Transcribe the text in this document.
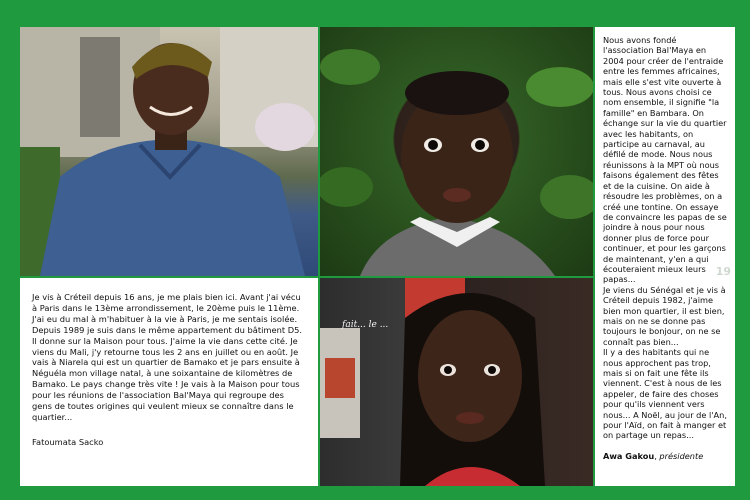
fait... le ...

Je vis à Créteil depuis 16 ans, je me plais bien ici. Avant j'ai vécu à Paris dans le 13ème arrondissement, le 20ème puis le 11ème. J'ai eu du mal à m'habituer à la vie à Paris, je me sentais isolée. Depuis 1989 je suis dans le même appartement du bâtiment D5. Il donne sur la Maison pour tous. J'aime la vie dans cette cité. Je viens du Mali, j'y retourne tous les 2 ans en juillet ou en août. Je vais à Niarela qui est un quartier de Bamako et je pars ensuite à Néguéla mon village natal, à une soixantaine de kilomètres de Bamako. Le pays change très vite ! Je vais à la Maison pour tous pour les réunions de l'association Bal'Maya qui regroupe des gens de toutes origines qui veulent mieux se connaître dans le quartier...

Fatoumata Sacko

Nous avons fondé l'association Bal'Maya en 2004 pour créer de l'entraide entre les femmes africaines, mais elle s'est vite ouverte à tous. Nous avons choisi ce nom ensemble, il signifie "la famille" en Bambara. On échange sur la vie du quartier avec les habitants, on participe au carnaval, au défilé de mode. Nous nous réunissons à la MPT où nous faisons également des fêtes et de la cuisine. On aide à résoudre les problèmes, on a créé une tontine. On essaye de convaincre les papas de se joindre à nous pour nous donner plus de force pour continuer, et pour les garçons de maintenant, y'en a qui écouteraient mieux leurs papas...

Je viens du Sénégal et je vis à Créteil depuis 1982, j'aime bien mon quartier, il est bien, mais on ne se donne pas toujours le bonjour, on ne se connaît pas bien...

Il y a des habitants qui ne nous approchent pas trop, mais si on fait une fête ils viennent. C'est à nous de les appeler, de faire des choses pour qu'ils viennent vers nous... A Noël, au jour de l'An, pour l'Aïd, on fait à manger et on partage un repas...

Awa Gakou, présidente
19
